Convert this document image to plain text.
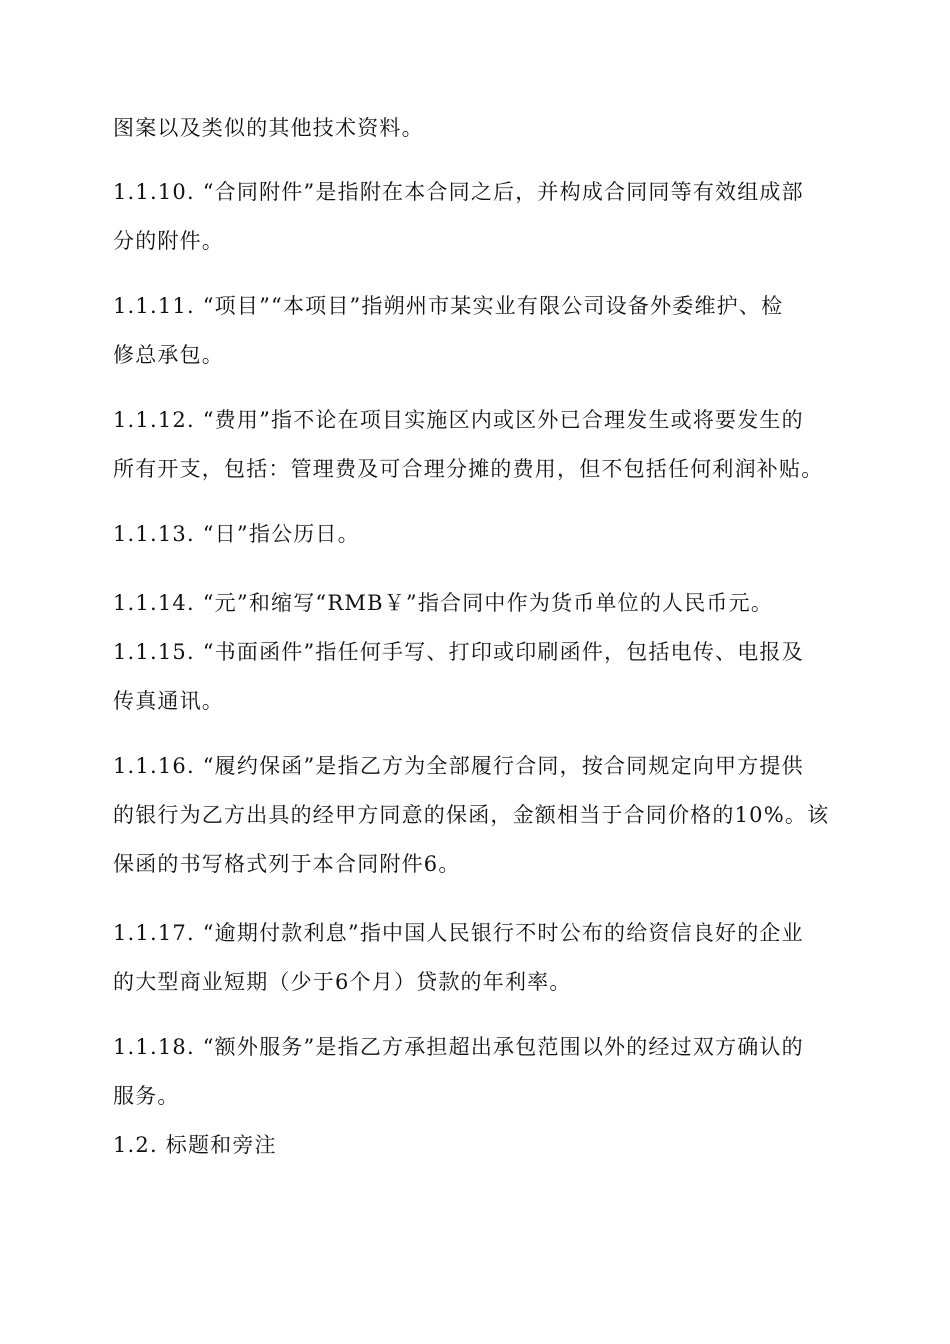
图案以及类似的其他技术资料。
1.1.10. “合同附件”是指附在本合同之后，并构成合同同等有效组成部
分的附件。
1.1.11. “项目”“本项目”指朔州市某实业有限公司设备外委维护、检
修总承包。
1.1.12. “费用”指不论在项目实施区内或区外已合理发生或将要发生的
所有开支，包括：管理费及可合理分摊的费用，但不包括任何利润补贴。
1.1.13. “日”指公历日。
1.1.14. “元”和缩写“RMB￥”指合同中作为货币单位的人民币元。
1.1.15. “书面函件”指任何手写、打印或印刷函件，包括电传、电报及
传真通讯。
1.1.16. “履约保函”是指乙方为全部履行合同，按合同规定向甲方提供
的银行为乙方出具的经甲方同意的保函，金额相当于合同价格的10%。该
保函的书写格式列于本合同附件6。
1.1.17. “逾期付款利息”指中国人民银行不时公布的给资信良好的企业
的大型商业短期（少于6个月）贷款的年利率。
1.1.18. “额外服务”是指乙方承担超出承包范围以外的经过双方确认的
服务。
1.2. 标题和旁注
